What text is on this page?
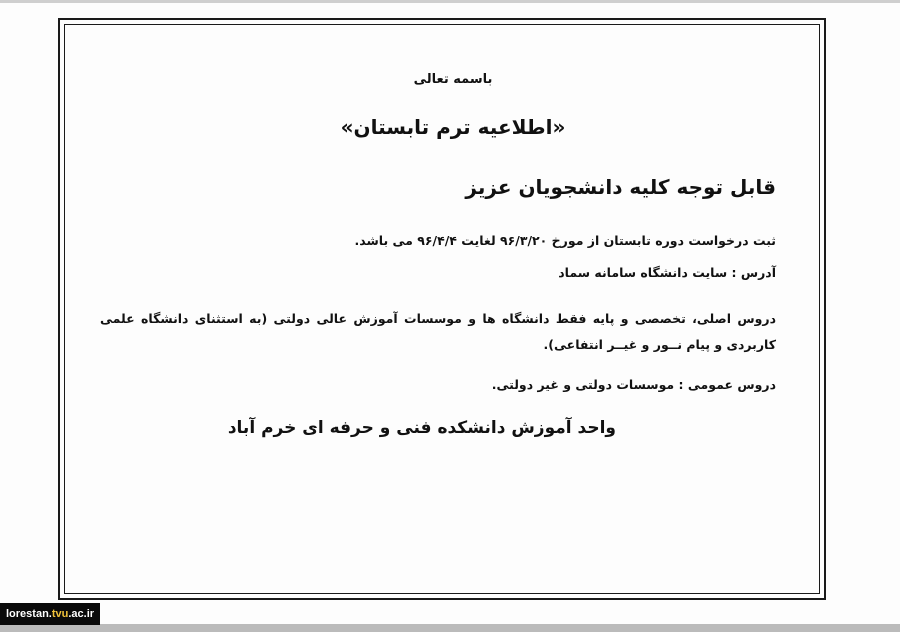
باسمه تعالی
«اطلاعیه ترم تابستان»
قابل توجه کلیه دانشجویان عزیز
ثبت درخواست دوره تابستان از مورخ ۹۶/۳/۲۰ لغایت ۹۶/۴/۴ می باشد.
آدرس : سایت دانشگاه سامانه سماد
دروس اصلی، تخصصی و پایه فقط دانشگاه ها و موسسات آموزش عالی دولتی (به استثنای دانشگاه علمی کاربردی و پیام نــور و غیــر انتفاعی).
دروس عمومی : موسسات دولتی و غیر دولتی.
واحد آموزش دانشکده فنی و حرفه ای خرم آباد
lorestan.tvu.ac.ir
